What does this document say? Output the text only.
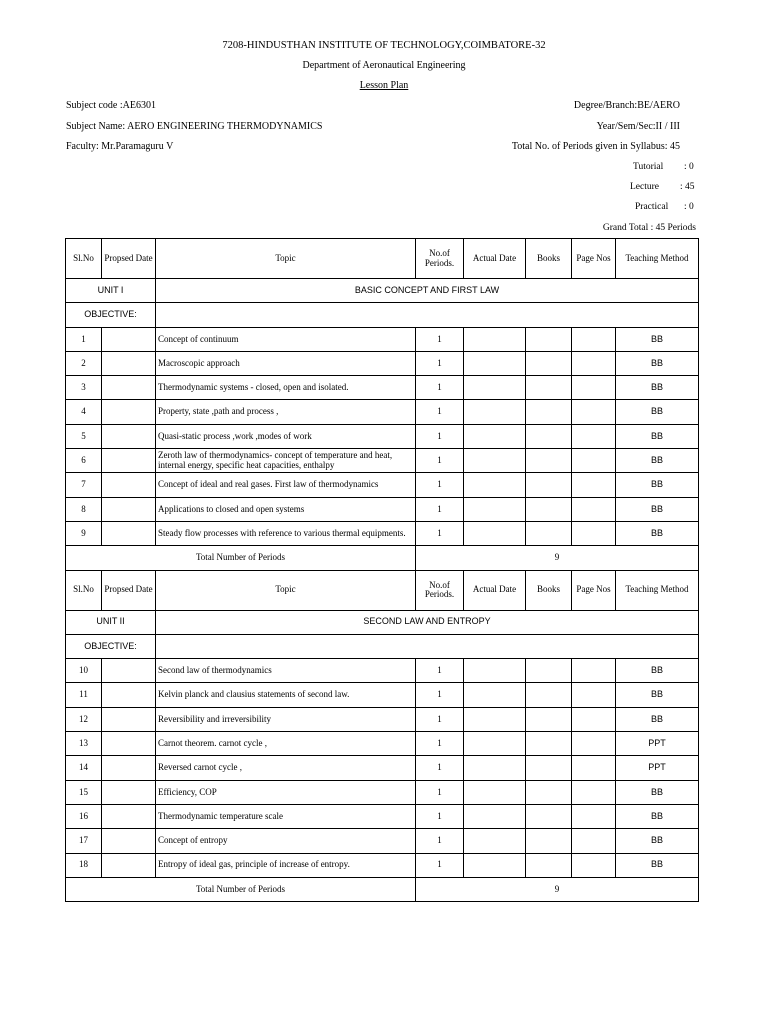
7208-HINDUSTHAN INSTITUTE OF TECHNOLOGY,COIMBATORE-32
Department of Aeronautical Engineering
Lesson Plan
Subject code :AE6301	Degree/Branch:BE/AERO
Subject Name: AERO ENGINEERING THERMODYNAMICS	Year/Sem/Sec:II / III
Faculty: Mr.Paramaguru V	Total No. of Periods given in Syllabus: 45
Tutorial : 0
Lecture : 45
Practical : 0
Grand Total : 45 Periods
Sl.No	Propsed Date	Topic	No.of Periods.	Actual Date	Books	Page Nos	Teaching Method
UNIT I		BASIC CONCEPT AND FIRST LAW					
OBJECTIVE:							
1		Concept of continuum	1				BB
2		Macroscopic approach	1				BB
3		Thermodynamic systems - closed, open and isolated.	1				BB
4		Property, state ,path and process ,	1				BB
5		Quasi-static process ,work ,modes of work	1				BB
6		Zeroth law of thermodynamics- concept of temperature and heat, internal energy, specific heat capacities, enthalpy	1				BB
7		Concept of ideal and real gases. First law of thermodynamics	1				BB
8		Applications to closed and open systems	1				BB
9		Steady flow processes with reference to various thermal equipments.	1				BB
Total Number of Periods			9				
Sl.No	Propsed Date	Topic	No.of Periods.	Actual Date	Books	Page Nos	Teaching Method
UNIT II		SECOND LAW AND ENTROPY					
OBJECTIVE:							
10		Second law of thermodynamics	1				BB
11		Kelvin planck and clausius statements of second law.	1				BB
12		Reversibility and irreversibility	1				BB
13		Carnot theorem. carnot cycle ,	1				PPT
14		Reversed carnot cycle ,	1				PPT
15		Efficiency, COP	1				BB
16		Thermodynamic temperature scale	1				BB
17		Concept of entropy	1				BB
18		Entropy of ideal gas, principle of increase of entropy.	1				BB
Total Number of Periods			9				
